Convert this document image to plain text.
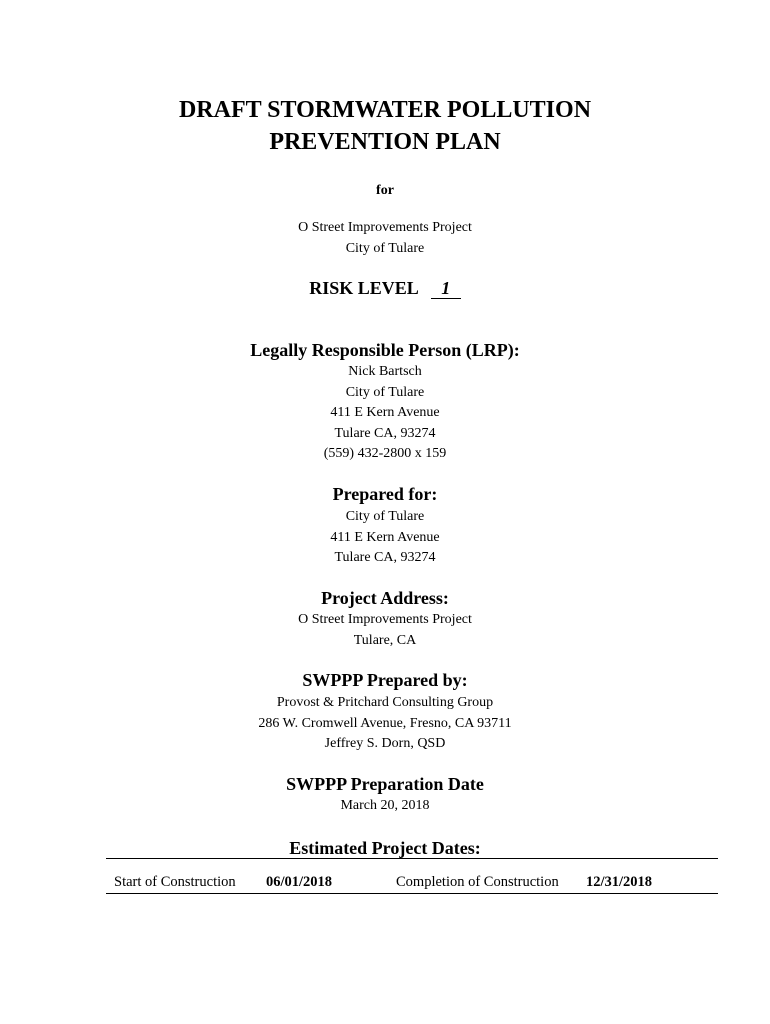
DRAFT STORMWATER POLLUTION
PREVENTION PLAN
for
O Street Improvements Project
City of Tulare
RISK LEVEL 1
Legally Responsible Person (LRP):
Nick Bartsch
City of Tulare
411 E Kern Avenue
Tulare CA, 93274
(559) 432-2800 x 159
Prepared for:
City of Tulare
411 E Kern Avenue
Tulare CA, 93274
Project Address:
O Street Improvements Project
Tulare, CA
SWPPP Prepared by:
Provost & Pritchard Consulting Group
286 W. Cromwell Avenue, Fresno, CA 93711
Jeffrey S. Dorn, QSD
SWPPP Preparation Date
March 20, 2018
Estimated Project Dates:
Start of Construction 06/01/2018	Completion of Construction 12/31/2018
